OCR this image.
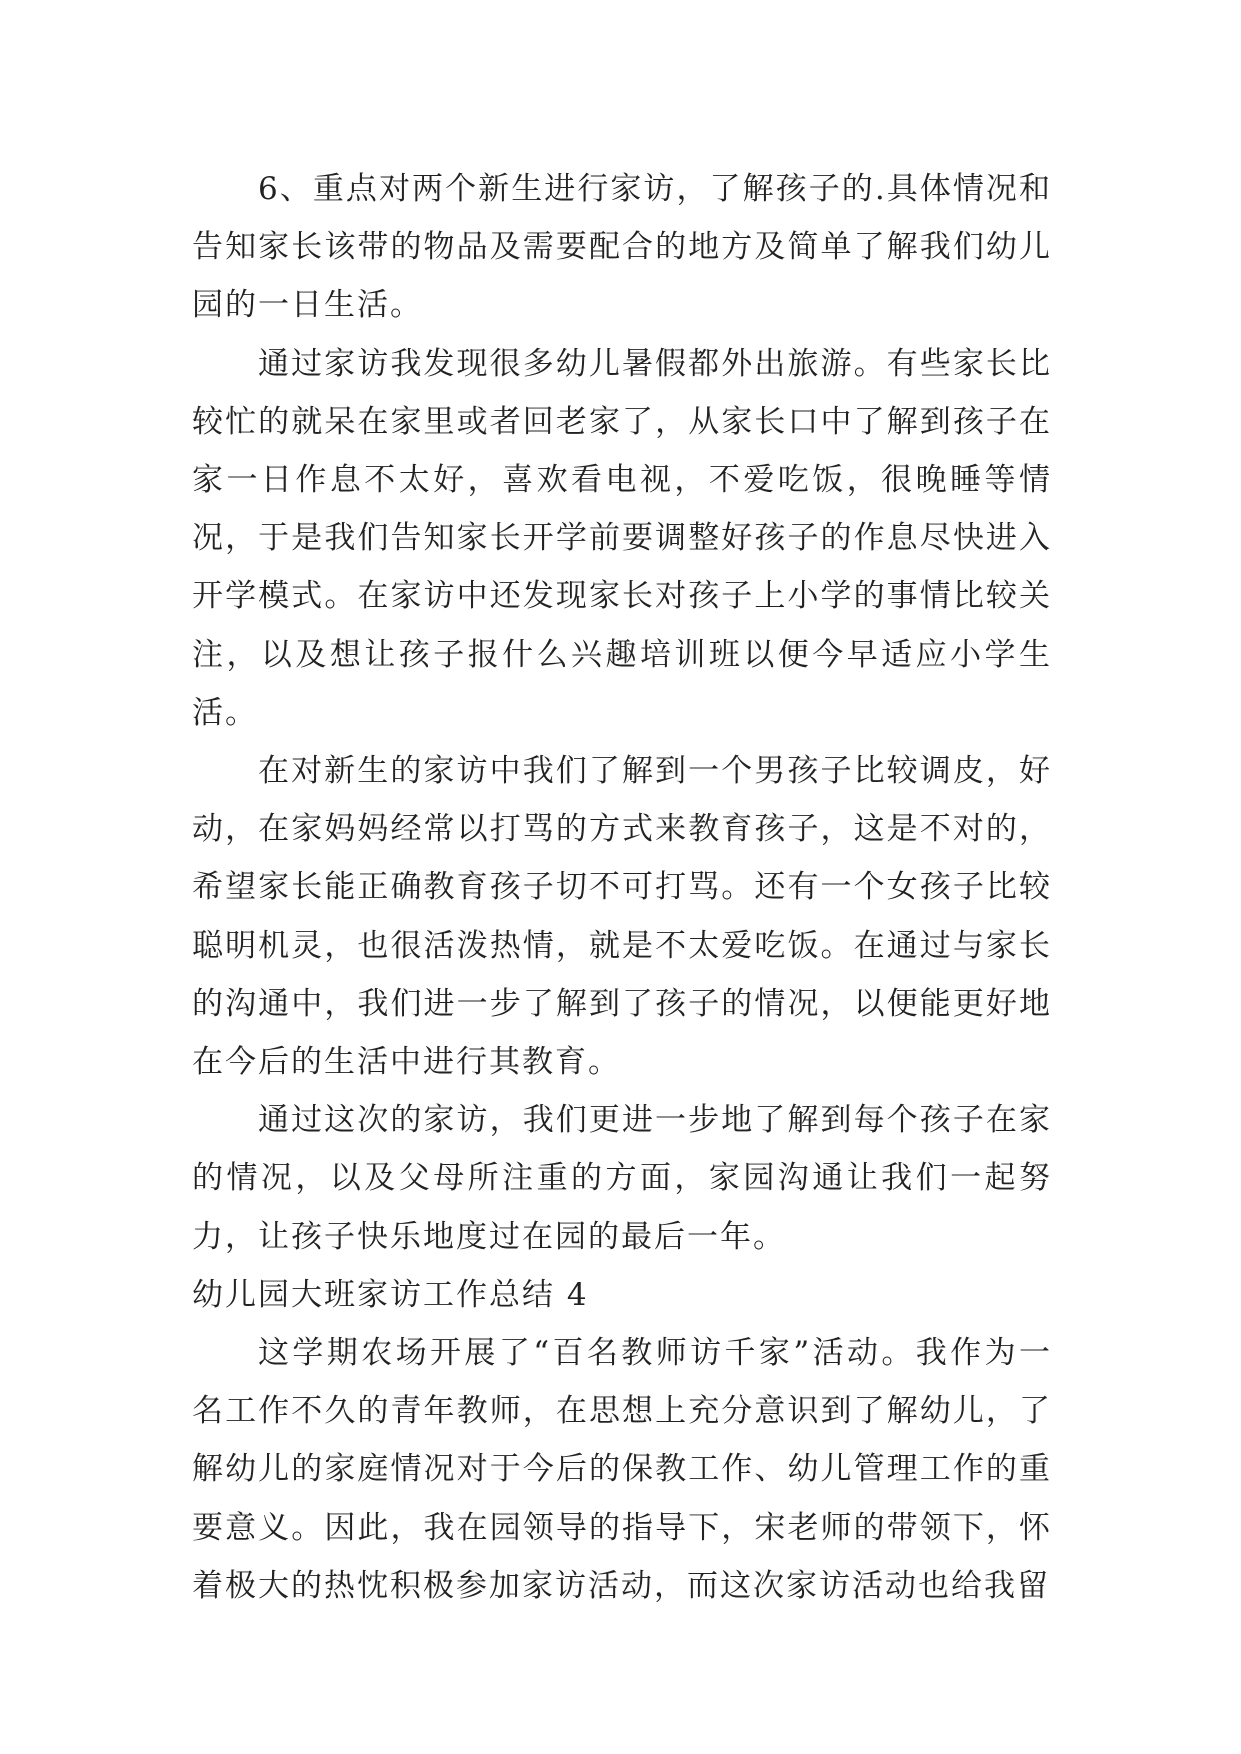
6、重点对两个新生进行家访，了解孩子的.具体情况和告知家长该带的物品及需要配合的地方及简单了解我们幼儿园的一日生活。

通过家访我发现很多幼儿暑假都外出旅游。有些家长比较忙的就呆在家里或者回老家了，从家长口中了解到孩子在家一日作息不太好，喜欢看电视，不爱吃饭，很晚睡等情况，于是我们告知家长开学前要调整好孩子的作息尽快进入开学模式。在家访中还发现家长对孩子上小学的事情比较关注，以及想让孩子报什么兴趣培训班以便今早适应小学生活。

在对新生的家访中我们了解到一个男孩子比较调皮，好动，在家妈妈经常以打骂的方式来教育孩子，这是不对的，希望家长能正确教育孩子切不可打骂。还有一个女孩子比较聪明机灵，也很活泼热情，就是不太爱吃饭。在通过与家长的沟通中，我们进一步了解到了孩子的情况，以便能更好地在今后的生活中进行其教育。

通过这次的家访，我们更进一步地了解到每个孩子在家的情况，以及父母所注重的方面，家园沟通让我们一起努力，让孩子快乐地度过在园的最后一年。

幼儿园大班家访工作总结 4

这学期农场开展了“百名教师访千家”活动。我作为一名工作不久的青年教师，在思想上充分意识到了解幼儿，了解幼儿的家庭情况对于今后的保教工作、幼儿管理工作的重要意义。因此，我在园领导的指导下，宋老师的带领下，怀着极大的热忱积极参加家访活动，而这次家访活动也给我留
